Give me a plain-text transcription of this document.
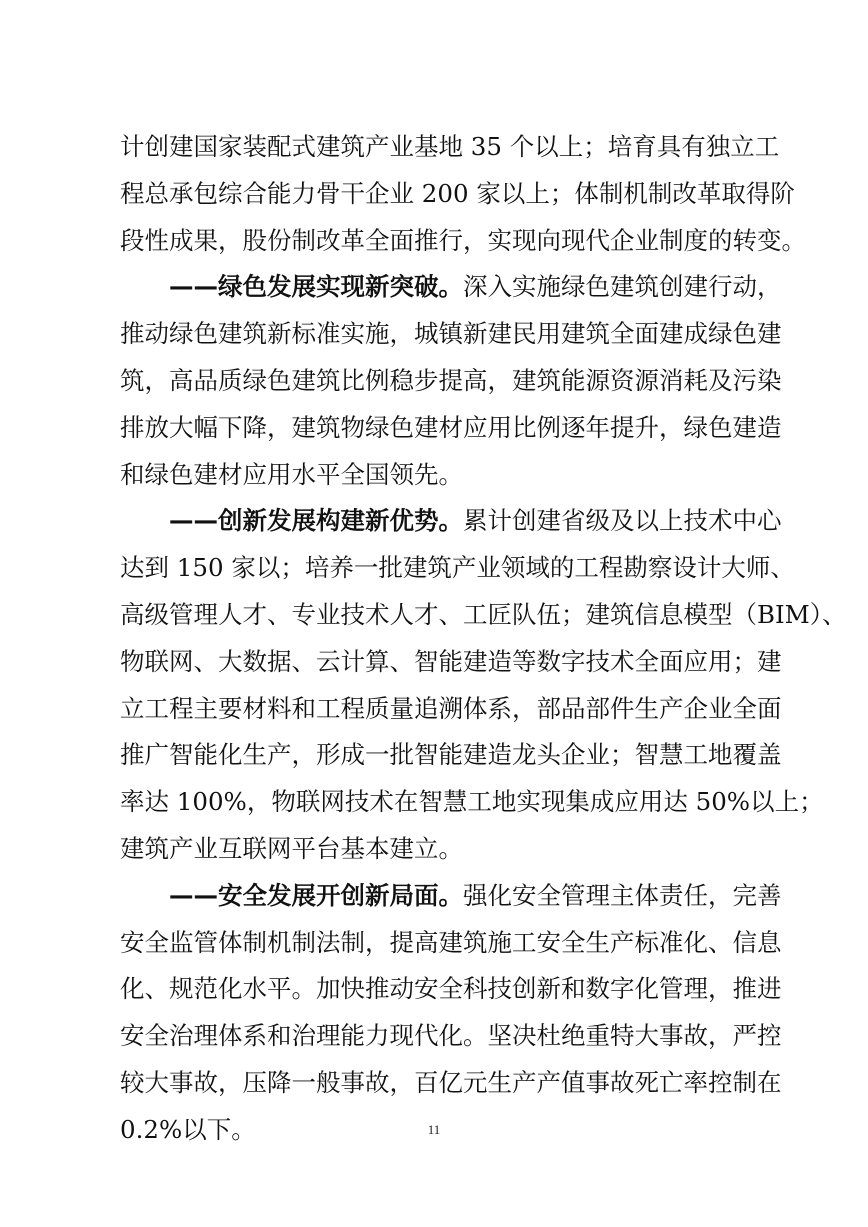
计创建国家装配式建筑产业基地 35 个以上；培育具有独立工
程总承包综合能力骨干企业 200 家以上；体制机制改革取得阶
段性成果，股份制改革全面推行，实现向现代企业制度的转变。
——绿色发展实现新突破。深入实施绿色建筑创建行动，
推动绿色建筑新标准实施，城镇新建民用建筑全面建成绿色建
筑，高品质绿色建筑比例稳步提高，建筑能源资源消耗及污染
排放大幅下降，建筑物绿色建材应用比例逐年提升，绿色建造
和绿色建材应用水平全国领先。
——创新发展构建新优势。累计创建省级及以上技术中心
达到 150 家以；培养一批建筑产业领域的工程勘察设计大师、
高级管理人才、专业技术人才、工匠队伍；建筑信息模型（BIM）、
物联网、大数据、云计算、智能建造等数字技术全面应用；建
立工程主要材料和工程质量追溯体系，部品部件生产企业全面
推广智能化生产，形成一批智能建造龙头企业；智慧工地覆盖
率达 100%，物联网技术在智慧工地实现集成应用达 50%以上；
建筑产业互联网平台基本建立。
——安全发展开创新局面。强化安全管理主体责任，完善
安全监管体制机制法制，提高建筑施工安全生产标准化、信息
化、规范化水平。加快推动安全科技创新和数字化管理，推进
安全治理体系和治理能力现代化。坚决杜绝重特大事故，严控
较大事故，压降一般事故，百亿元生产产值事故死亡率控制在
0.2%以下。	11
